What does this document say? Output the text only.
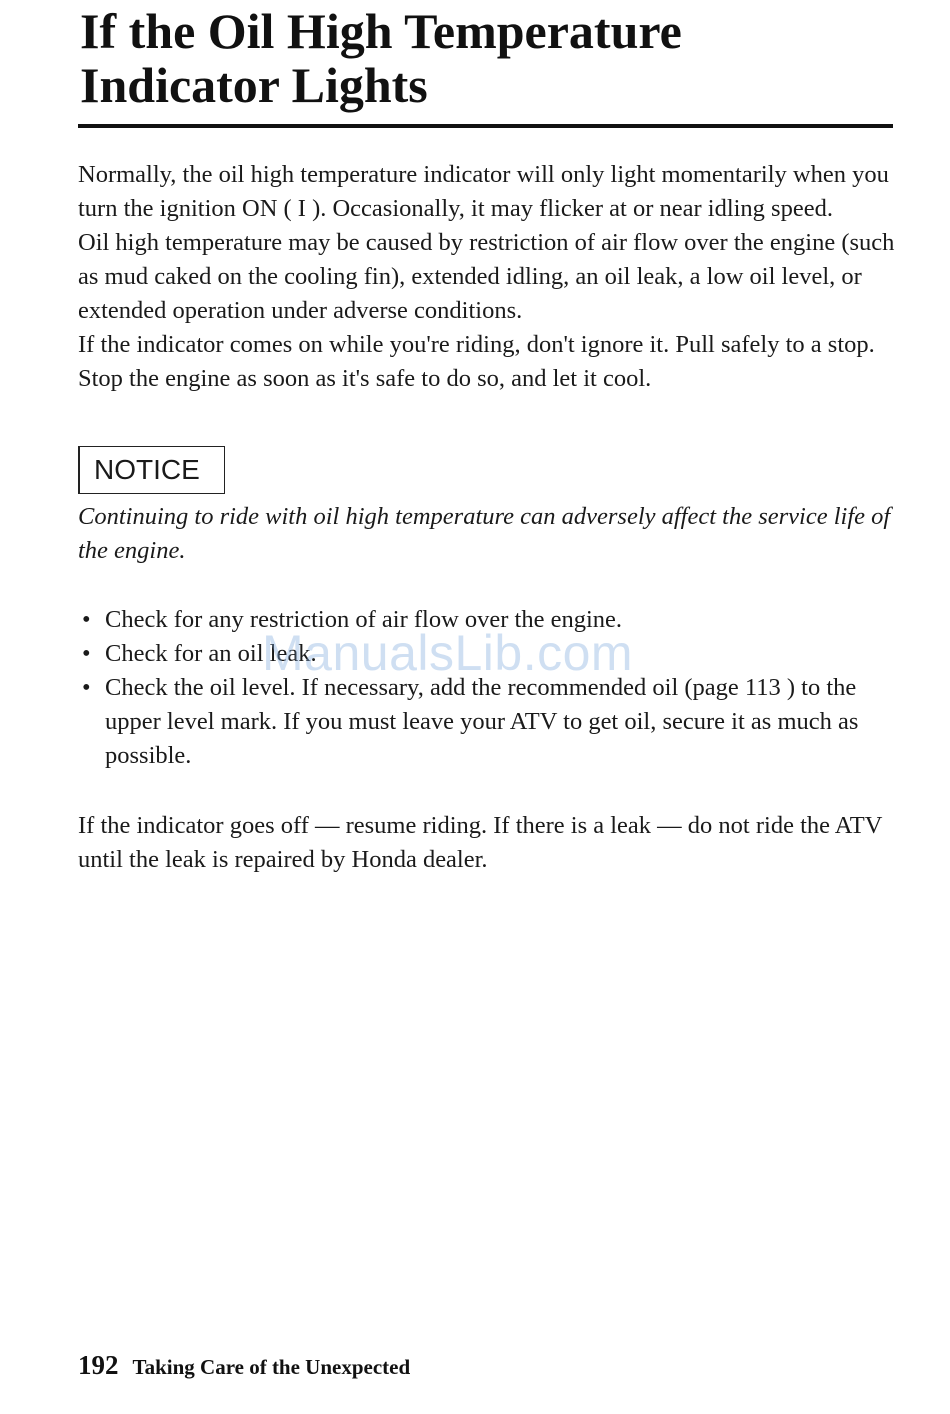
If the Oil High Temperature
Indicator Lights

Normally, the oil high temperature indicator will only light momentarily when you turn the ignition ON ( I ). Occasionally, it may flicker at or near idling speed.

Oil high temperature may be caused by restriction of air flow over the engine (such as mud caked on the cooling fin), extended idling, an oil leak, a low oil level, or extended operation under adverse conditions.

If the indicator comes on while you're riding, don't ignore it. Pull safely to a stop. Stop the engine as soon as it's safe to do so, and let it cool.

NOTICE
Continuing to ride with oil high temperature can adversely affect the service life of the engine.
• Check for any restriction of air flow over the engine.
• Check for an oil leak.
• Check the oil level. If necessary, add the recommended oil (page 113 ) to the upper level mark. If you must leave your ATV to get oil, secure it as much as possible.
ManualsLib.com
If the indicator goes off — resume riding. If there is a leak — do not ride the ATV until the leak is repaired by Honda dealer.
192 Taking Care of the Unexpected
